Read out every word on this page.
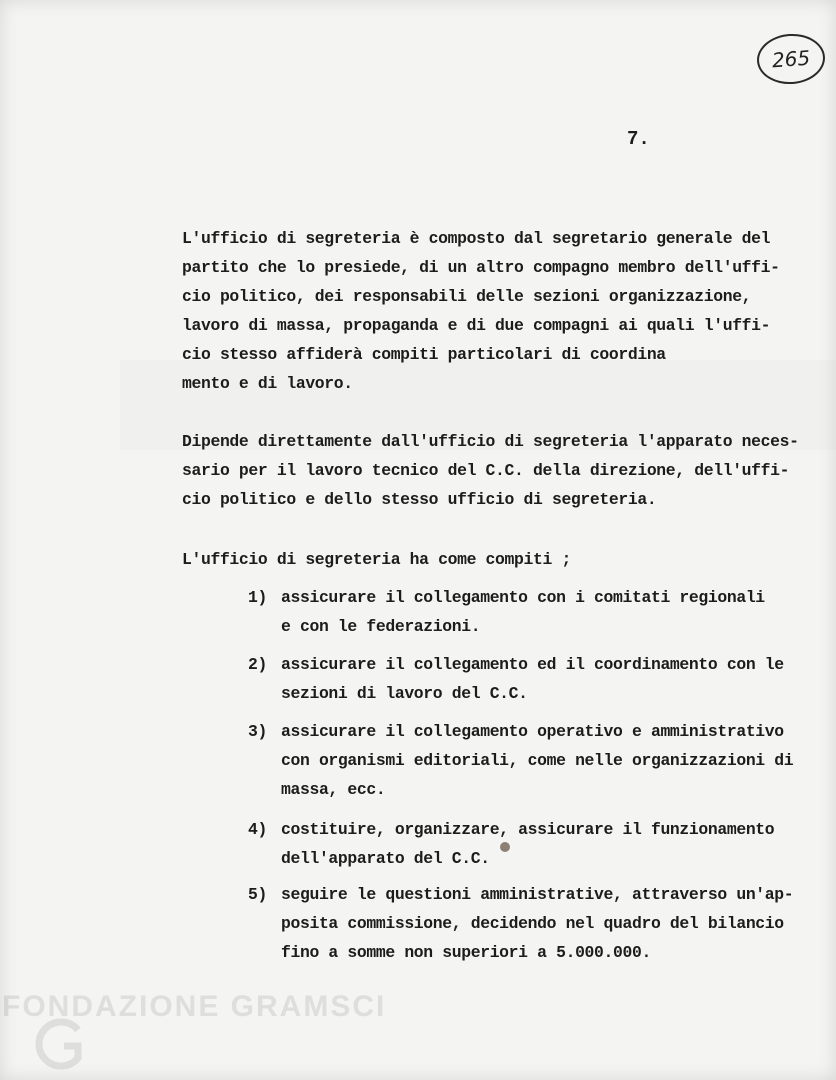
265
7.
L'ufficio di segreteria è composto dal segretario generale del
partito che lo presiede, di un altro compagno membro dell'uffi-
cio politico, dei responsabili delle sezioni organizzazione,
lavoro di massa, propaganda e di due compagni ai quali l'uffi-
cio stesso affiderà compiti particolari di coordina
mento e di lavoro.
Dipende direttamente dall'ufficio di segreteria l'apparato neces-
sario per il lavoro tecnico del C.C. della direzione, dell'uffi-
cio politico e dello stesso ufficio di segreteria.
L'ufficio di segreteria ha come compiti ;
1) assicurare il collegamento con i comitati regionali
e con le federazioni.
2) assicurare il collegamento ed il coordinamento con le
sezioni di lavoro del C.C.
3) assicurare il collegamento operativo e amministrativo
con organismi editoriali, come nelle organizzazioni di
massa, ecc.
4) costituire, organizzare, assicurare il funzionamento
dell'apparato del C.C.
5) seguire le questioni amministrative, attraverso un'ap-
posita commissione, decidendo nel quadro del bilancio
fino a somme non superiori a 5.000.000.
FONDAZIONE GRAMSCI
